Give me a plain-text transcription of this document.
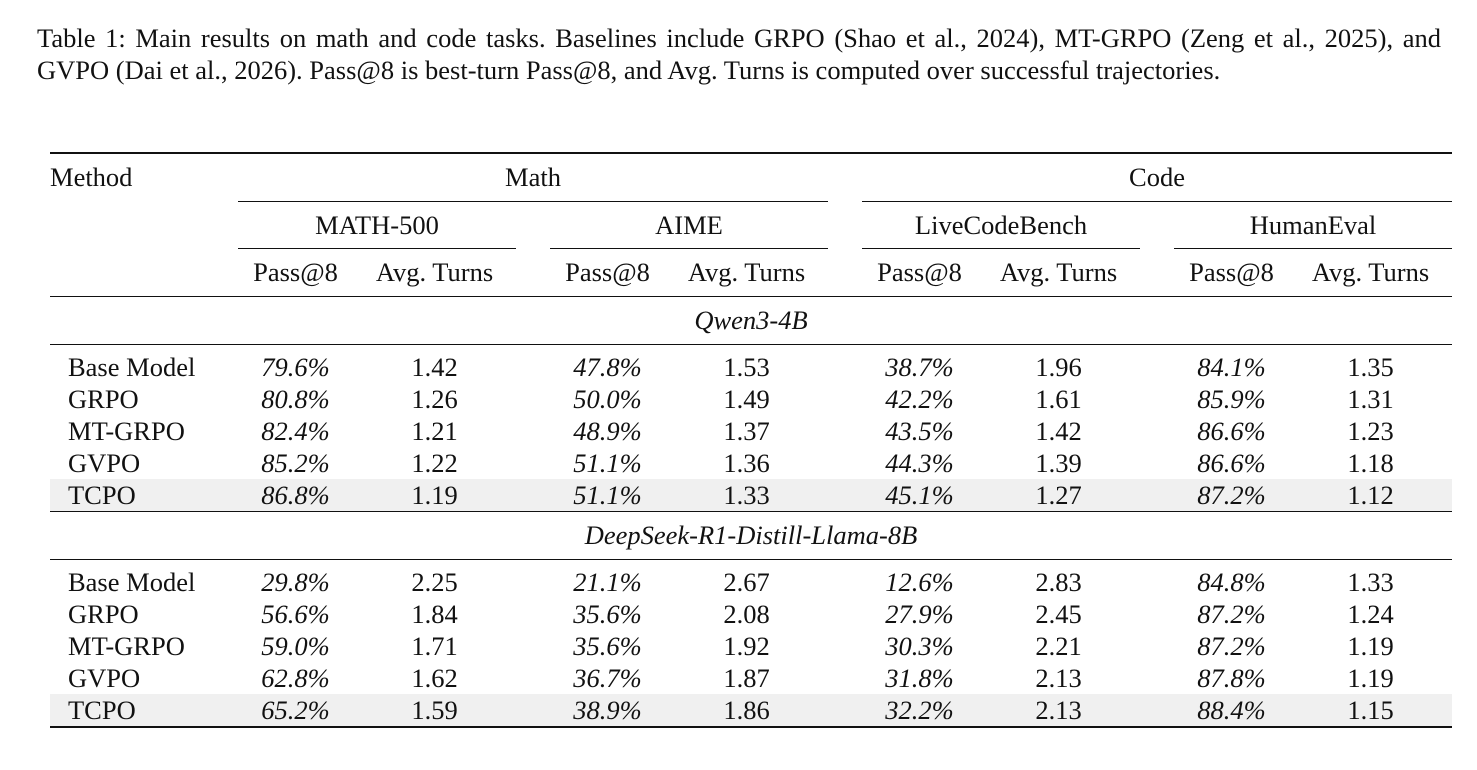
Table 1: Main results on math and code tasks. Baselines include GRPO (Shao et al., 2024), MT-GRPO (Zeng et al., 2025), and GVPO (Dai et al., 2026). Pass@8 is best-turn Pass@8, and Avg. Turns is computed over successful trajectories.
Method	Math						Code				
	MATH-500			AIME			LiveCodeBench			HumanEval	
	Pass@8	Avg. Turns		Pass@8	Avg. Turns		Pass@8	Avg. Turns		Pass@8	Avg. Turns
Qwen3-4B											
Base Model	79.6%	1.42		47.8%	1.53		38.7%	1.96		84.1%	1.35
GRPO	80.8%	1.26		50.0%	1.49		42.2%	1.61		85.9%	1.31
MT-GRPO	82.4%	1.21		48.9%	1.37		43.5%	1.42		86.6%	1.23
GVPO	85.2%	1.22		51.1%	1.36		44.3%	1.39		86.6%	1.18
TCPO	86.8%	1.19		51.1%	1.33		45.1%	1.27		87.2%	1.12
DeepSeek-R1-Distill-Llama-8B											
Base Model	29.8%	2.25		21.1%	2.67		12.6%	2.83		84.8%	1.33
GRPO	56.6%	1.84		35.6%	2.08		27.9%	2.45		87.2%	1.24
MT-GRPO	59.0%	1.71		35.6%	1.92		30.3%	2.21		87.2%	1.19
GVPO	62.8%	1.62		36.7%	1.87		31.8%	2.13		87.8%	1.19
TCPO	65.2%	1.59		38.9%	1.86		32.2%	2.13		88.4%	1.15
